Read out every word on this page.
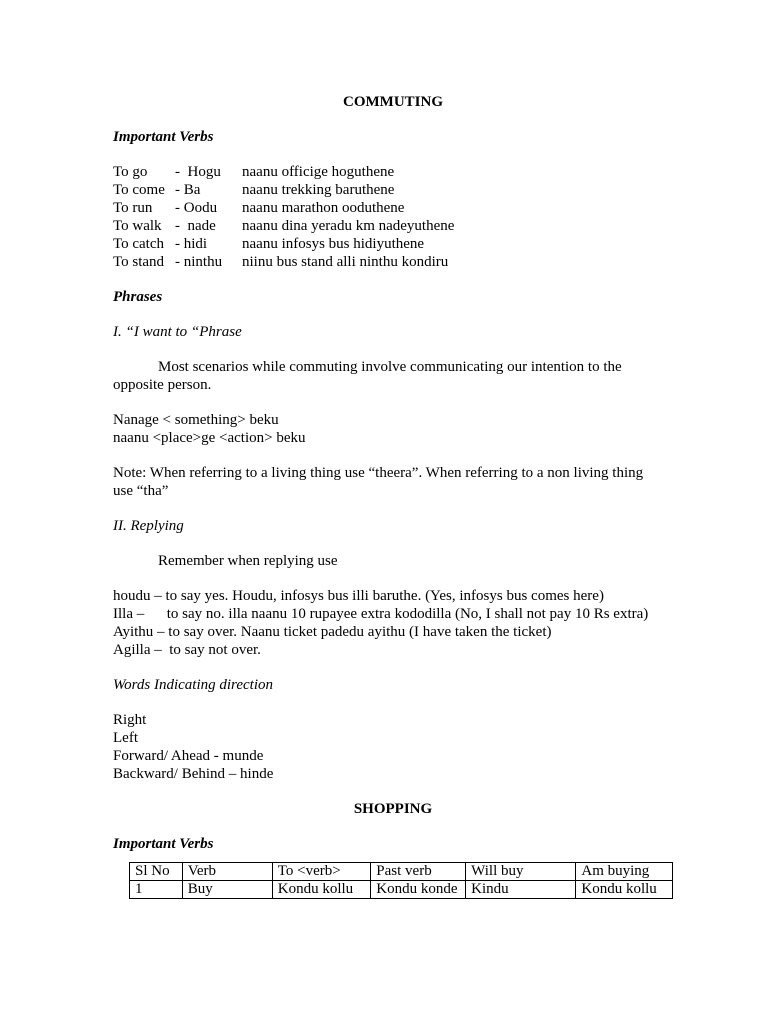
COMMUTING
Important Verbs
To go	-  Hogu	naanu officige hoguthene
To come - Ba	naanu trekking baruthene
To run	- Oodu	naanu marathon ooduthene
To walk -  nade	naanu dina yeradu km nadeyuthene
To catch - hidi	naanu infosys bus hidiyuthene
To stand - ninthu	niinu bus stand alli ninthu kondiru
Phrases
I. “I want to “Phrase
Most scenarios while commuting involve communicating our intention to the
opposite person.
Nanage < something> beku
naanu <place>ge <action> beku
Note: When referring to a living thing use “theera”. When referring to a non living thing
use “tha”
II. Replying
Remember when replying use
houdu – to say yes. Houdu, infosys bus illi baruthe. (Yes, infosys bus comes here)
Illa –      to say no. illa naanu 10 rupayee extra kododilla (No, I shall not pay 10 Rs extra)
Ayithu – to say over. Naanu ticket padedu ayithu (I have taken the ticket)
Agilla –  to say not over.
Words Indicating direction
Right
Left
Forward/ Ahead - munde
Backward/ Behind – hinde
SHOPPING
Important Verbs
Sl No	Verb	To <verb>	Past verb	Will buy	Am buying
1	Buy	Kondu kollu	Kondu konde	Kindu	Kondu kollu
